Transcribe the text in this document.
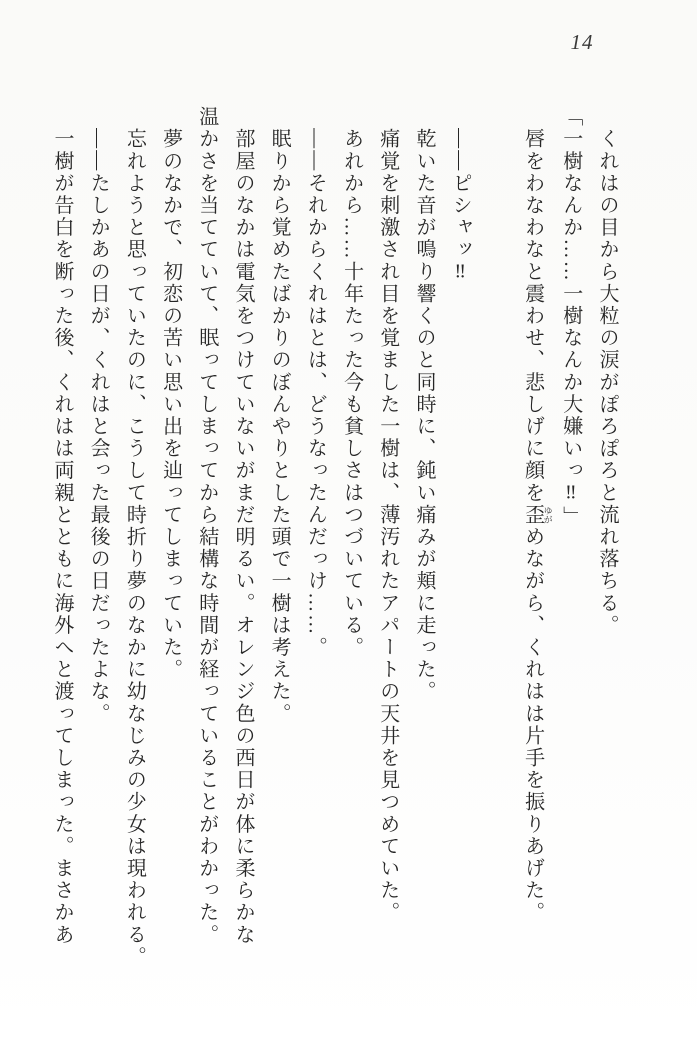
14
　くれはの目から大粒の涙がぽろぽろと流れ落ちる。
「一樹なんか……一樹なんか大嫌いっ‼」
　唇をわなわなと震わせ、悲しげに顔を歪 ゆがめながら、くれはは片手を振りあげた。

　——ピシャッ‼
　乾いた音が鳴り響くのと同時に、鈍い痛みが頬に走った。
　痛覚を刺激され目を覚ました一樹は、薄汚れたアパートの天井を見つめていた。
　あれから……十年たった今も貧しさはつづいている。
　——それからくれはとは、どうなったんだっけ……。
　眠りから覚めたばかりのぼんやりとした頭で一樹は考えた。
　部屋のなかは電気をつけていないがまだ明るい。オレンジ色の西日が体に柔らかな
温かさを当てていて、眠ってしまってから結構な時間が経っていることがわかった。
　夢のなかで、初恋の苦い思い出を辿ってしまっていた。
　忘れようと思っていたのに、こうして時折り夢のなかに幼なじみの少女は現われる。
　——たしかあの日が、くれはと会った最後の日だったよな。
　一樹が告白を断った後、くれはは両親とともに海外へと渡ってしまった。まさかあ
